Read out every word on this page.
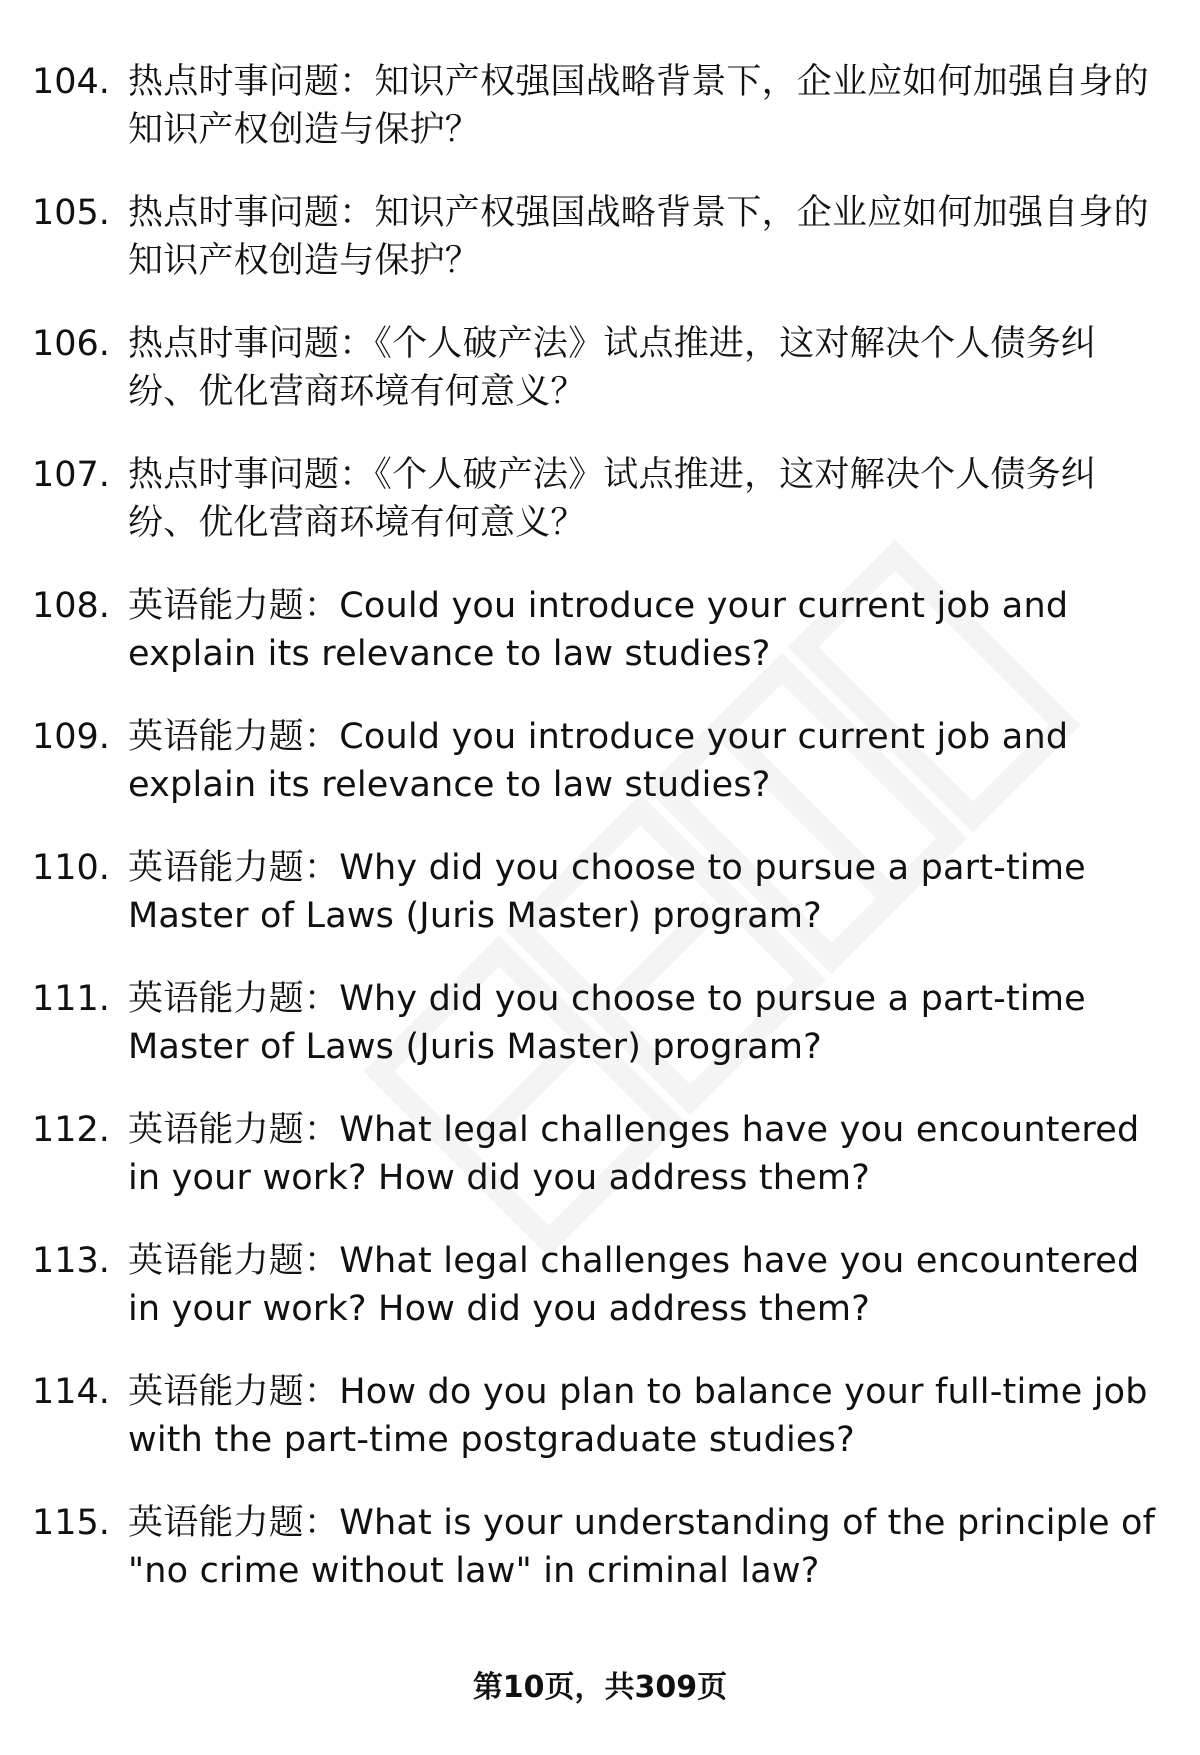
104. 热点时事问题：知识产权强国战略背景下，企业应如何加强自身的知识产权创造与保护？
105. 热点时事问题：知识产权强国战略背景下，企业应如何加强自身的知识产权创造与保护？
106. 热点时事问题：《个人破产法》试点推进，这对解决个人债务纠纷、优化营商环境有何意义？
107. 热点时事问题：《个人破产法》试点推进，这对解决个人债务纠纷、优化营商环境有何意义？
108. 英语能力题：Could you introduce your current job and explain its relevance to law studies?
109. 英语能力题：Could you introduce your current job and explain its relevance to law studies?
110. 英语能力题：Why did you choose to pursue a part-time Master of Laws (Juris Master) program?
111. 英语能力题：Why did you choose to pursue a part-time Master of Laws (Juris Master) program?
112. 英语能力题：What legal challenges have you encountered in your work? How did you address them?
113. 英语能力题：What legal challenges have you encountered in your work? How did you address them?
114. 英语能力题：How do you plan to balance your full-time job with the part-time postgraduate studies?
115. 英语能力题：What is your understanding of the principle of "no crime without law" in criminal law?
第10页，共309页
